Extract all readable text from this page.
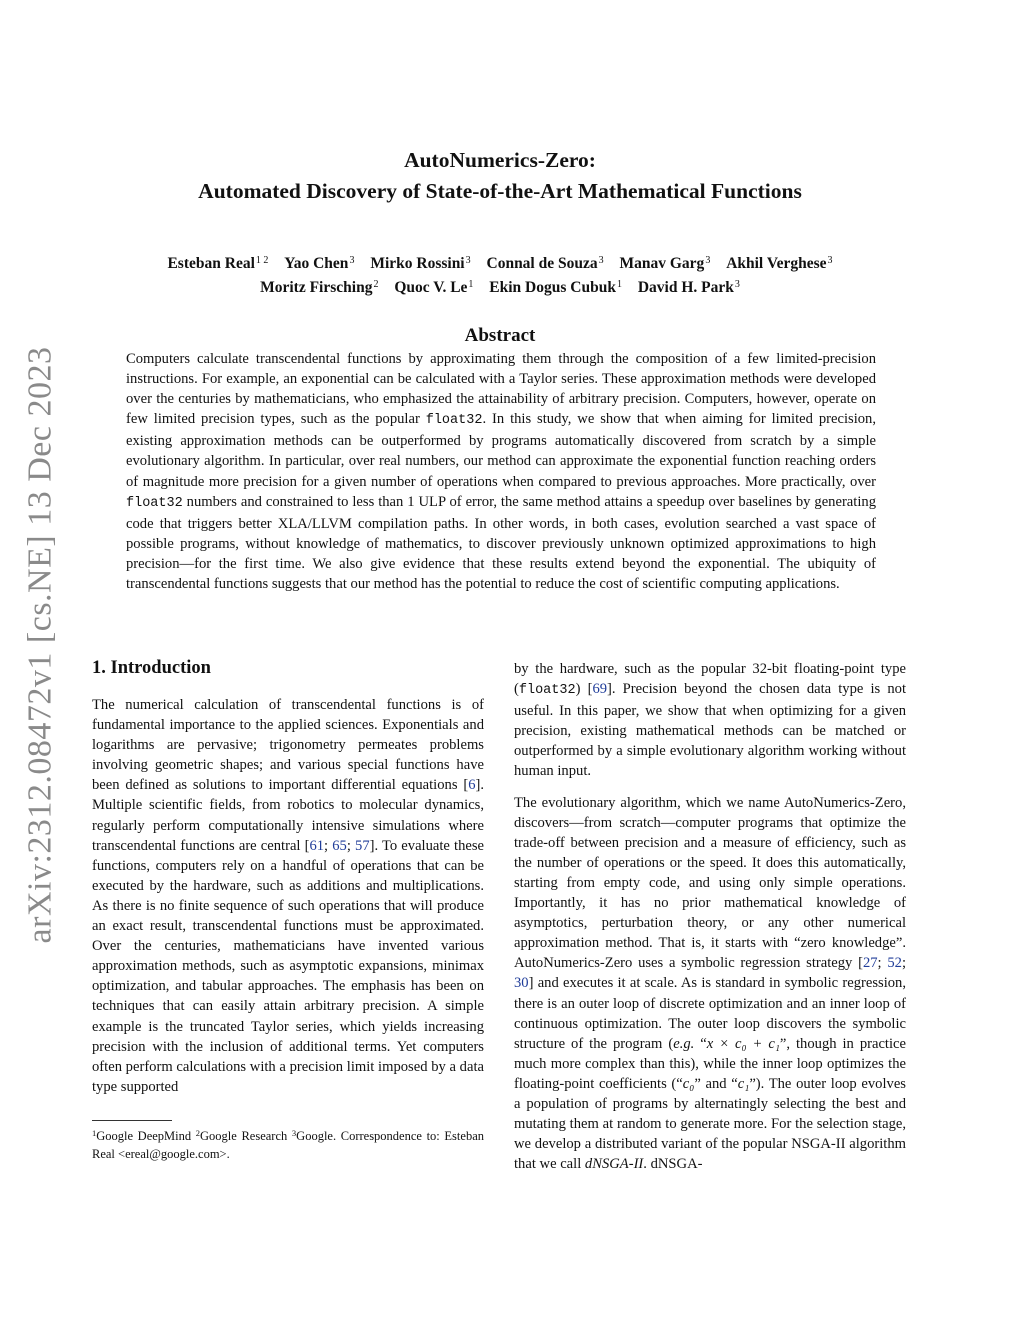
arXiv:2312.08472v1 [cs.NE] 13 Dec 2023
AutoNumerics-Zero:
Automated Discovery of State-of-the-Art Mathematical Functions
Esteban Real$^{1 2}$ Yao Chen$^3$ Mirko Rossini$^3$ Connal de Souza$^3$ Manav Garg$^3$ Akhil Verghese$^3$
Moritz Firsching$^2$ Quoc V. Le$^1$ Ekin Dogus Cubuk$^1$ David H. Park$^3$
Abstract
Computers calculate transcendental functions by approximating them through the composition of a few limited-precision instructions. For example, an exponential can be calculated with a Taylor series. These approximation methods were developed over the centuries by mathematicians, who emphasized the attainability of arbitrary precision. Computers, however, operate on few limited precision types, such as the popular float32. In this study, we show that when aiming for limited precision, existing approximation methods can be outperformed by programs automatically discovered from scratch by a simple evolutionary algorithm. In particular, over real numbers, our method can approximate the exponential function reaching orders of magnitude more precision for a given number of operations when compared to previous approaches. More practically, over float32 numbers and constrained to less than 1 ULP of error, the same method attains a speedup over baselines by generating code that triggers better XLA/LLVM compilation paths. In other words, in both cases, evolution searched a vast space of possible programs, without knowledge of mathematics, to discover previously unknown optimized approximations to high precision—for the first time. We also give evidence that these results extend beyond the exponential. The ubiquity of transcendental functions suggests that our method has the potential to reduce the cost of scientific computing applications.
1. Introduction

The numerical calculation of transcendental functions is of fundamental importance to the applied sciences. Exponentials and logarithms are pervasive; trigonometry permeates problems involving geometric shapes; and various special functions have been defined as solutions to important differential equations [6]. Multiple scientific fields, from robotics to molecular dynamics, regularly perform computationally intensive simulations where transcendental functions are central [61; 65; 57]. To evaluate these functions, computers rely on a handful of operations that can be executed by the hardware, such as additions and multiplications. As there is no finite sequence of such operations that will produce an exact result, transcendental functions must be approximated. Over the centuries, mathematicians have invented various approximation methods, such as asymptotic expansions, minimax optimization, and tabular approaches. The emphasis has been on techniques that can easily attain arbitrary precision. A simple example is the truncated Taylor series, which yields increasing precision with the inclusion of additional terms. Yet computers often perform calculations with a precision limit imposed by a data type supported

$^1$Google DeepMind $^2$Google Research $^3$Google. Correspondence to: Esteban Real <ereal@google.com>.

by the hardware, such as the popular 32-bit floating-point type (float32) [69]. Precision beyond the chosen data type is not useful. In this paper, we show that when optimizing for a given precision, existing mathematical methods can be matched or outperformed by a simple evolutionary algorithm working without human input.

The evolutionary algorithm, which we name AutoNumerics-Zero, discovers—from scratch—computer programs that optimize the trade-off between precision and a measure of efficiency, such as the number of operations or the speed. It does this automatically, starting from empty code, and using only simple operations. Importantly, it has no prior mathematical knowledge of asymptotics, perturbation theory, or any other numerical approximation method. That is, it starts with “zero knowledge”. AutoNumerics-Zero uses a symbolic regression strategy [27; 52; 30] and executes it at scale. As is standard in symbolic regression, there is an outer loop of discrete optimization and an inner loop of continuous optimization. The outer loop discovers the symbolic structure of the program (e.g. “x × c₀ + c₁”, though in practice much more complex than this), while the inner loop optimizes the floating-point coefficients (“c₀” and “c₁”). The outer loop evolves a population of programs by alternatingly selecting the best and mutating them at random to generate more. For the selection stage, we develop a distributed variant of the popular NSGA-II algorithm that we call dNSGA-II. dNSGA-
